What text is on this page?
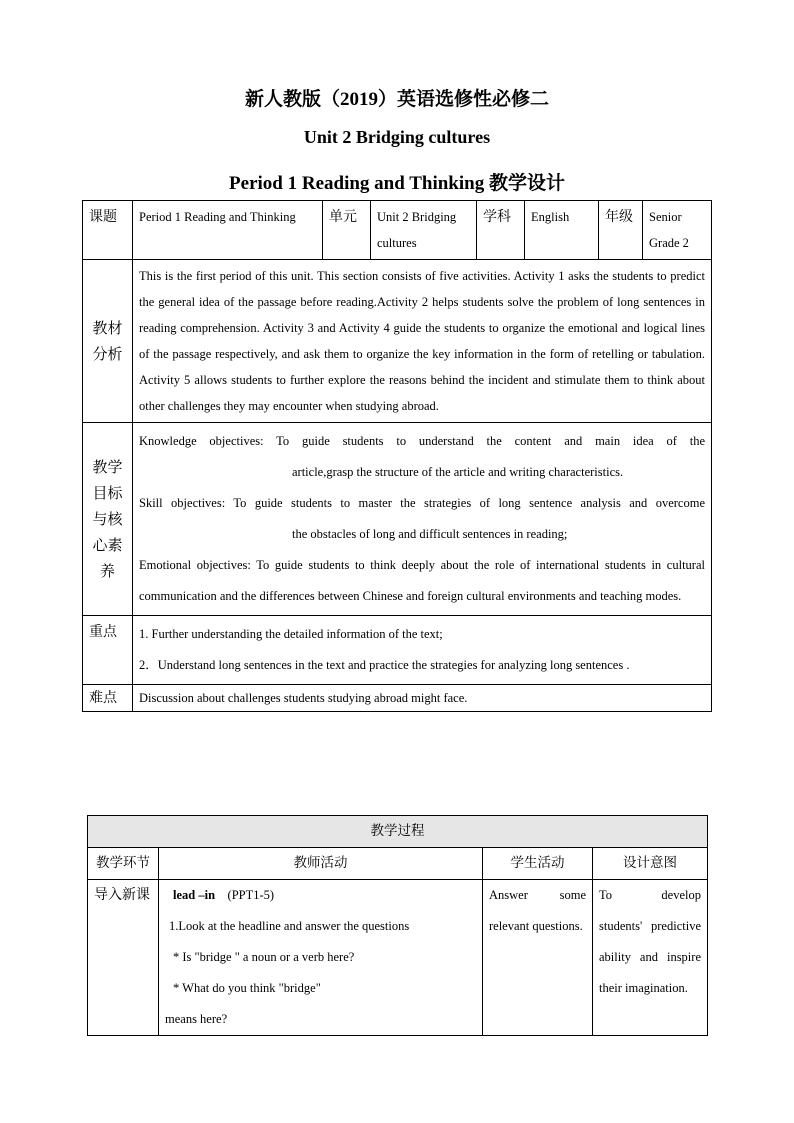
新人教版（2019）英语选修性必修二
Unit 2 Bridging cultures
Period 1 Reading and Thinking 教学设计
课题	Period 1 Reading and Thinking	单元	Unit 2 Bridging cultures	学科	English	年级	Senior Grade 2
教材分析	This is the first period of this unit. This section consists of five activities. Activity 1 asks the students to predict the general idea of the passage before reading.Activity 2 helps students solve the problem of long sentences in reading comprehension. Activity 3 and Activity 4 guide the students to organize the emotional and logical lines of the passage respectively, and ask them to organize the key information in the form of retelling or tabulation. Activity 5 allows students to further explore the reasons behind the incident and stimulate them to think about other challenges they may encounter when studying abroad.						
教学目标与核心素养	Knowledge objectives: To guide students to understand the content and main idea of the

article,grasp the structure of the article and writing characteristics.

Skill objectives: To guide students to master the strategies of long sentence analysis and overcome

the obstacles of long and difficult sentences in reading;

Emotional objectives: To guide students to think deeply about the role of international students in cultural communication and the differences between Chinese and foreign cultural environments and teaching modes.						

重点	1. Further understanding the detailed information of the text;

2．Understand long sentences in the text and practice the strategies for analyzing long sentences .						

难点	Discussion about challenges students studying abroad might face.						
教学过程			
教学环节	教师活动	学生活动	设计意图
导入新课	lead –in (PPT1-5)

1.Look at the headline and answer the questions

* Is "bridge " a noun or a verb here?

* What do you think "bridge"

means here?	Answer some relevant questions.	To develop students' predictive ability and inspire their imagination.
